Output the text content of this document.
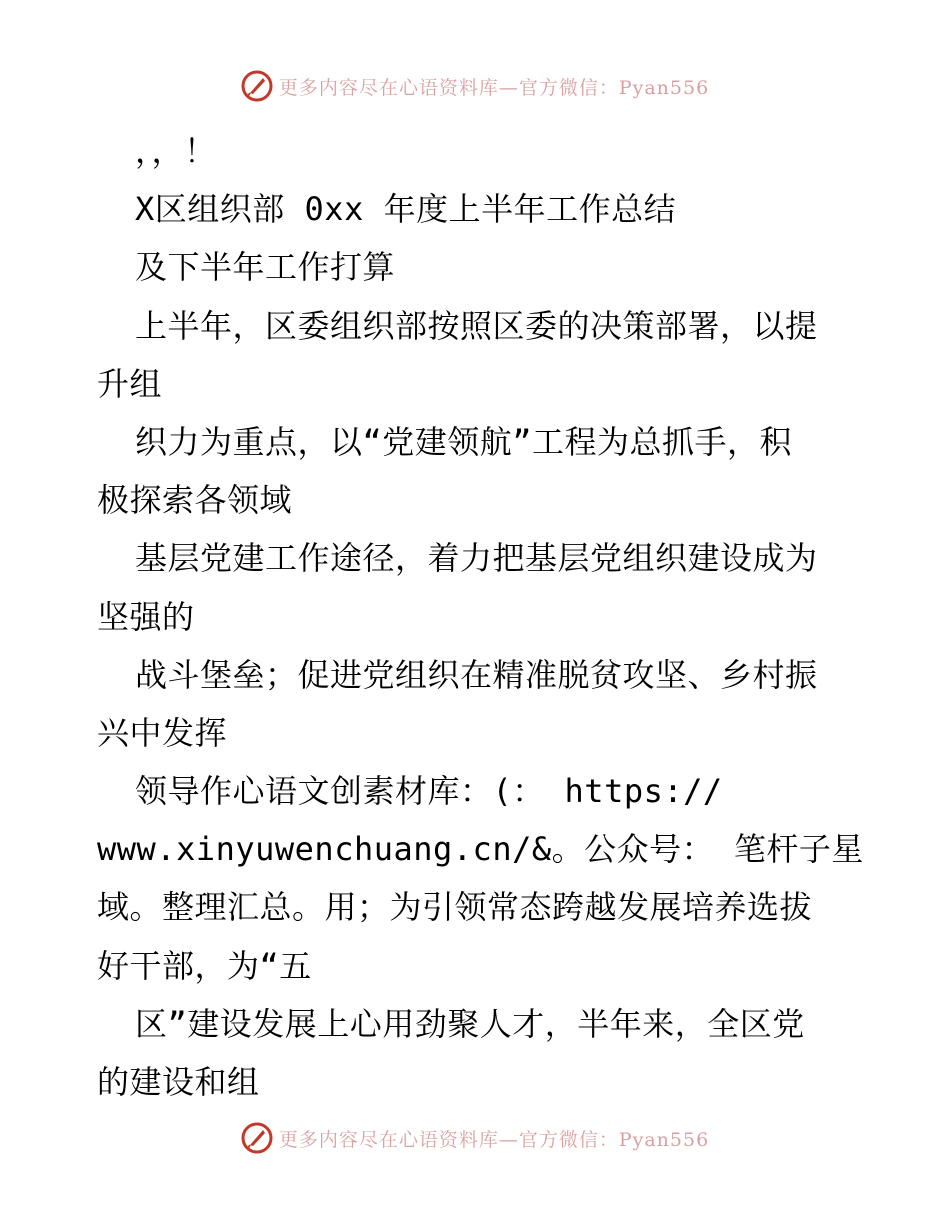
更多内容尽在心语资料库—官方微信：Pyan556
，，！
X区组织部 0xx 年度上半年工作总结
及下半年工作打算
上半年，区委组织部按照区委的决策部署，以提
升组
织力为重点，以“党建领航”工程为总抓手，积
极探索各领域
基层党建工作途径，着力把基层党组织建设成为
坚强的
战斗堡垒；促进党组织在精准脱贫攻坚、乡村振
兴中发挥
领导作心语文创素材库：(： https://
www.xinyuwenchuang.cn/&。公众号： 笔杆子星
域。整理汇总。用；为引领常态跨越发展培养选拔
好干部，为“五
区”建设发展上心用劲聚人才，半年来，全区党
的建设和组
更多内容尽在心语资料库—官方微信：Pyan556
